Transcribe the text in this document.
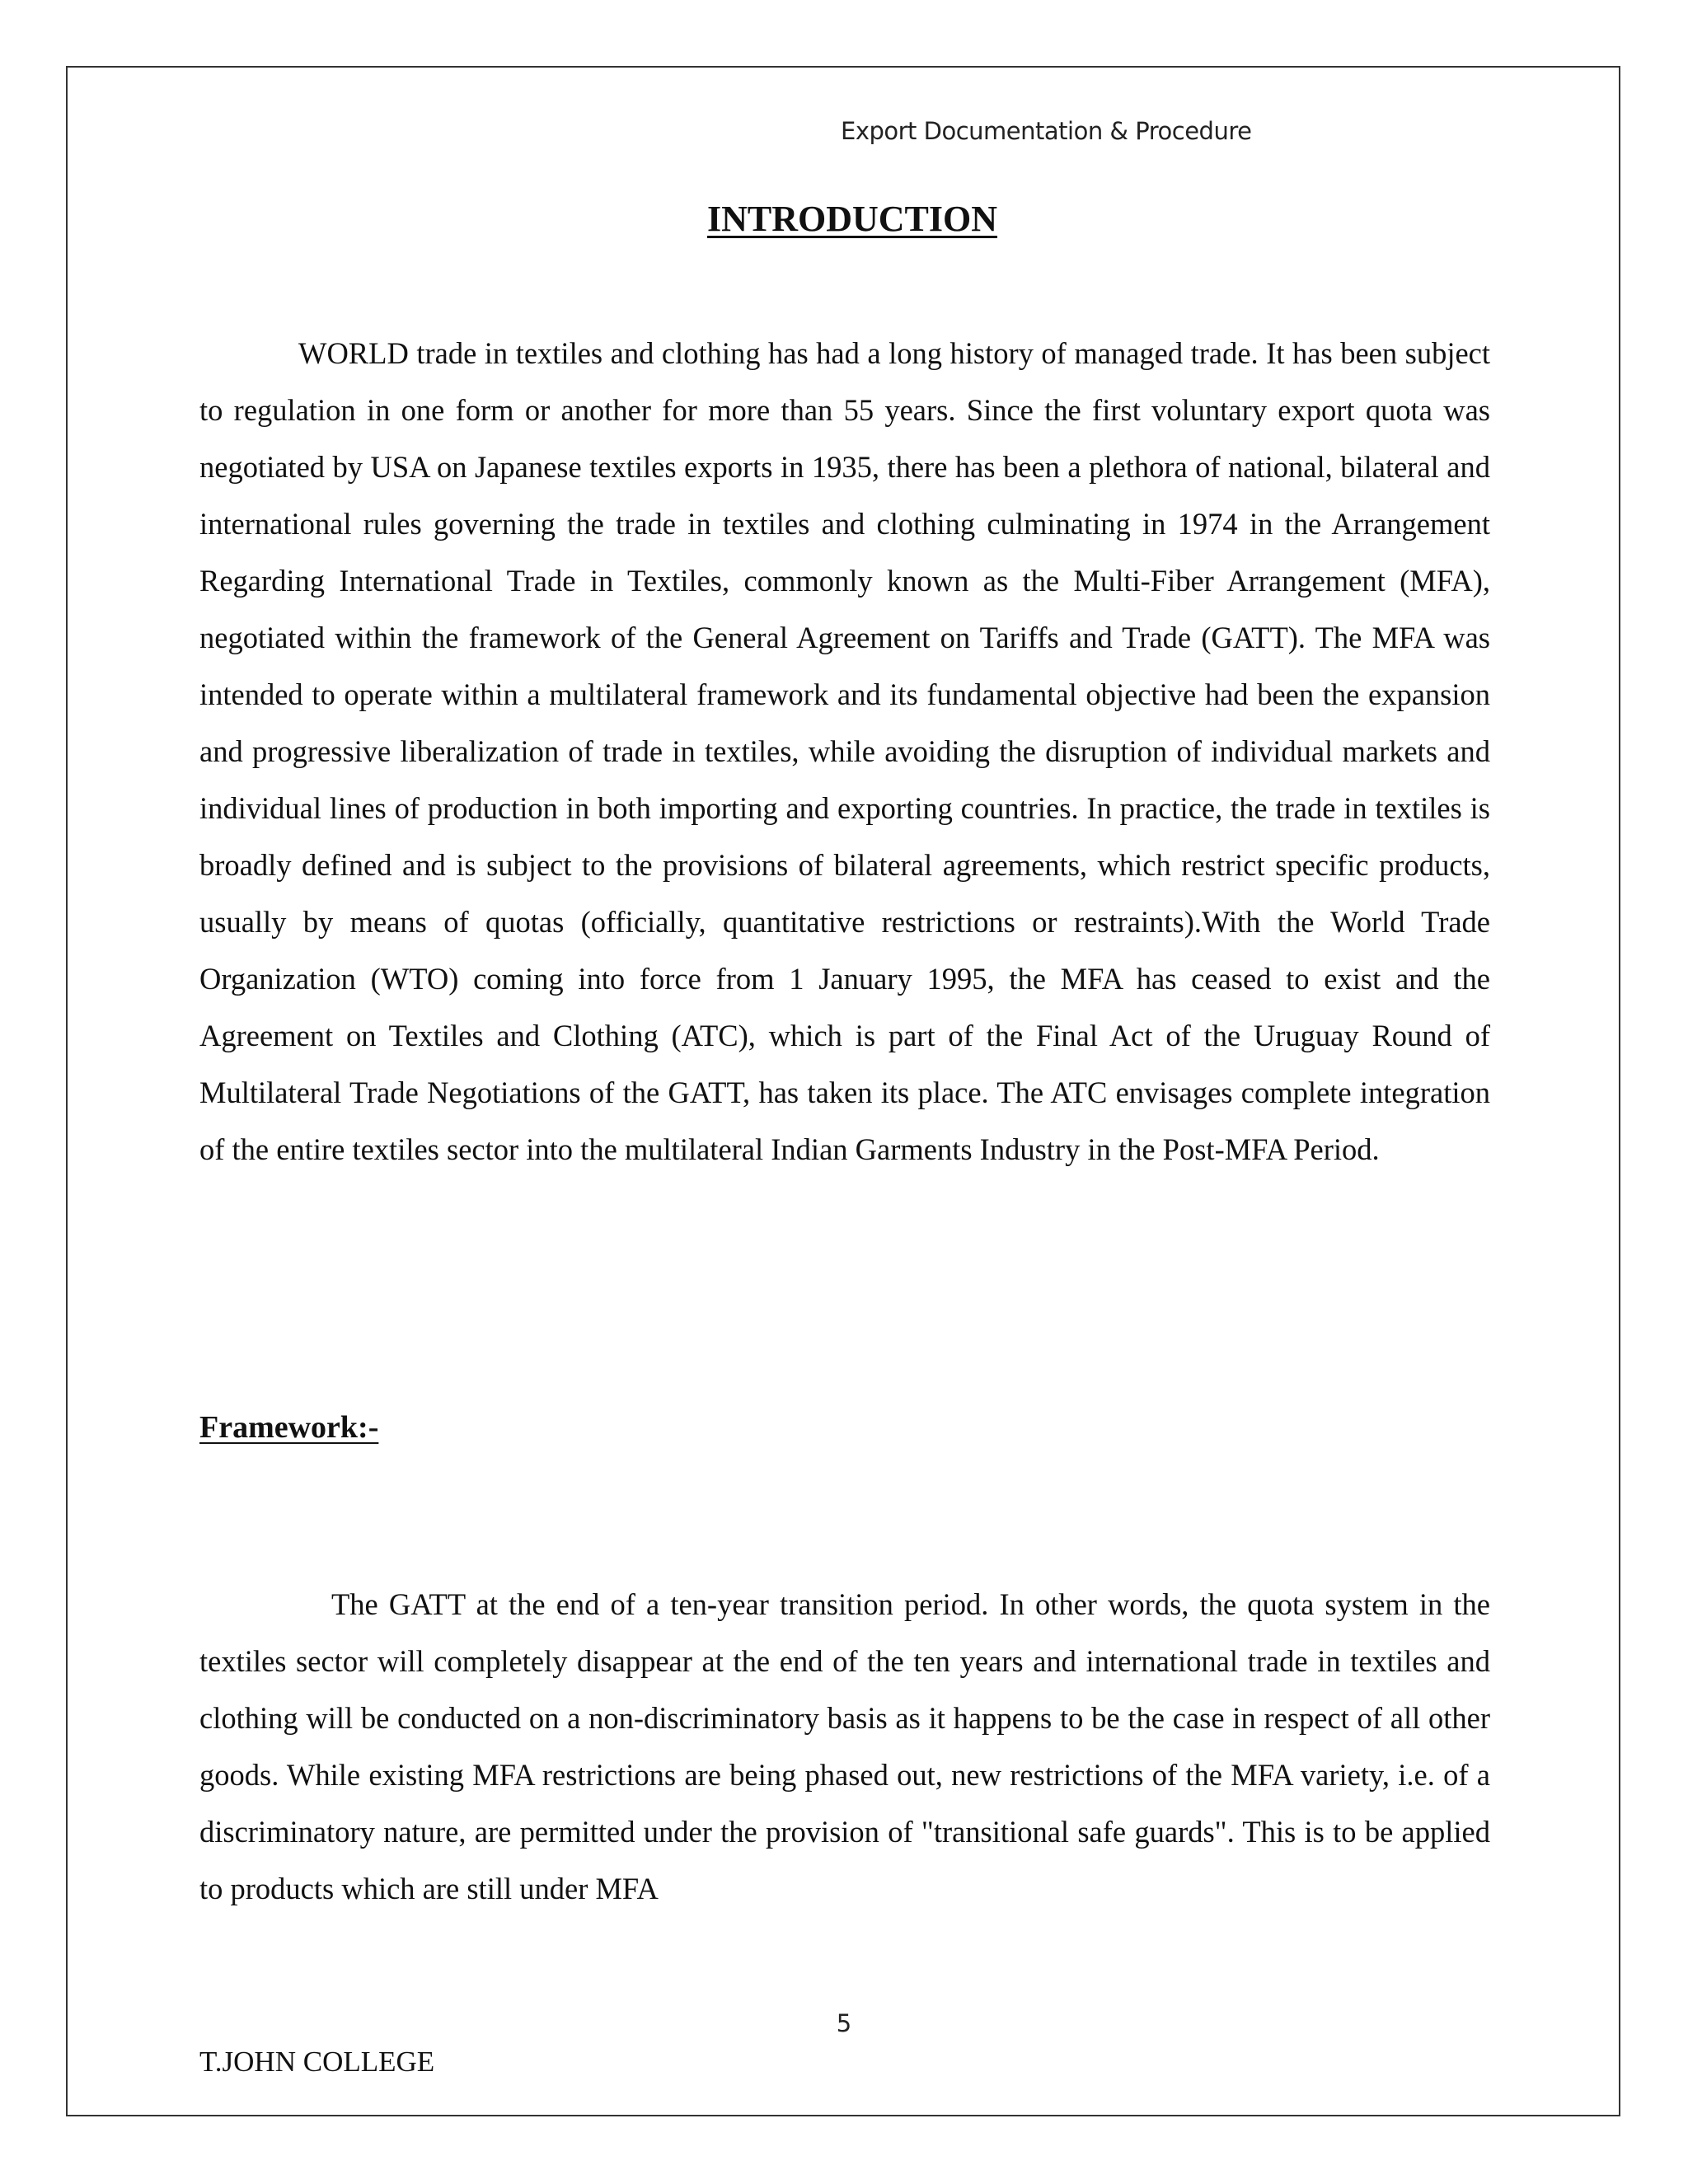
Export Documentation & Procedure
INTRODUCTION

WORLD trade in textiles and clothing has had a long history of managed trade. It has been subject to regulation in one form or another for more than 55 years. Since the first voluntary export quota was negotiated by USA on Japanese textiles exports in 1935, there has been a plethora of national, bilateral and international rules governing the trade in textiles and clothing culminating in 1974 in the Arrangement Regarding International Trade in Textiles, commonly known as the Multi-Fiber Arrangement (MFA), negotiated within the framework of the General Agreement on Tariffs and Trade (GATT). The MFA was intended to operate within a multilateral framework and its fundamental objective had been the expansion and progressive liberalization of trade in textiles, while avoiding the disruption of individual markets and individual lines of production in both importing and exporting countries. In practice, the trade in textiles is broadly defined and is subject to the provisions of bilateral agreements, which restrict specific products, usually by means of quotas (officially, quantitative restrictions or restraints).With the World Trade Organization (WTO) coming into force from 1 January 1995, the MFA has ceased to exist and the Agreement on Textiles and Clothing (ATC), which is part of the Final Act of the Uruguay Round of Multilateral Trade Negotiations of the GATT, has taken its place. The ATC envisages complete integration of the entire textiles sector into the multilateral Indian Garments Industry in the Post-MFA Period.

Framework:-

The GATT at the end of a ten-year transition period. In other words, the quota system in the textiles sector will completely disappear at the end of the ten years and international trade in textiles and clothing will be conducted on a non-discriminatory basis as it happens to be the case in respect of all other goods. While existing MFA restrictions are being phased out, new restrictions of the MFA variety, i.e. of a discriminatory nature, are permitted under the provision of "transitional safe guards". This is to be applied to products which are still under MFA

5
T.JOHN COLLEGE
